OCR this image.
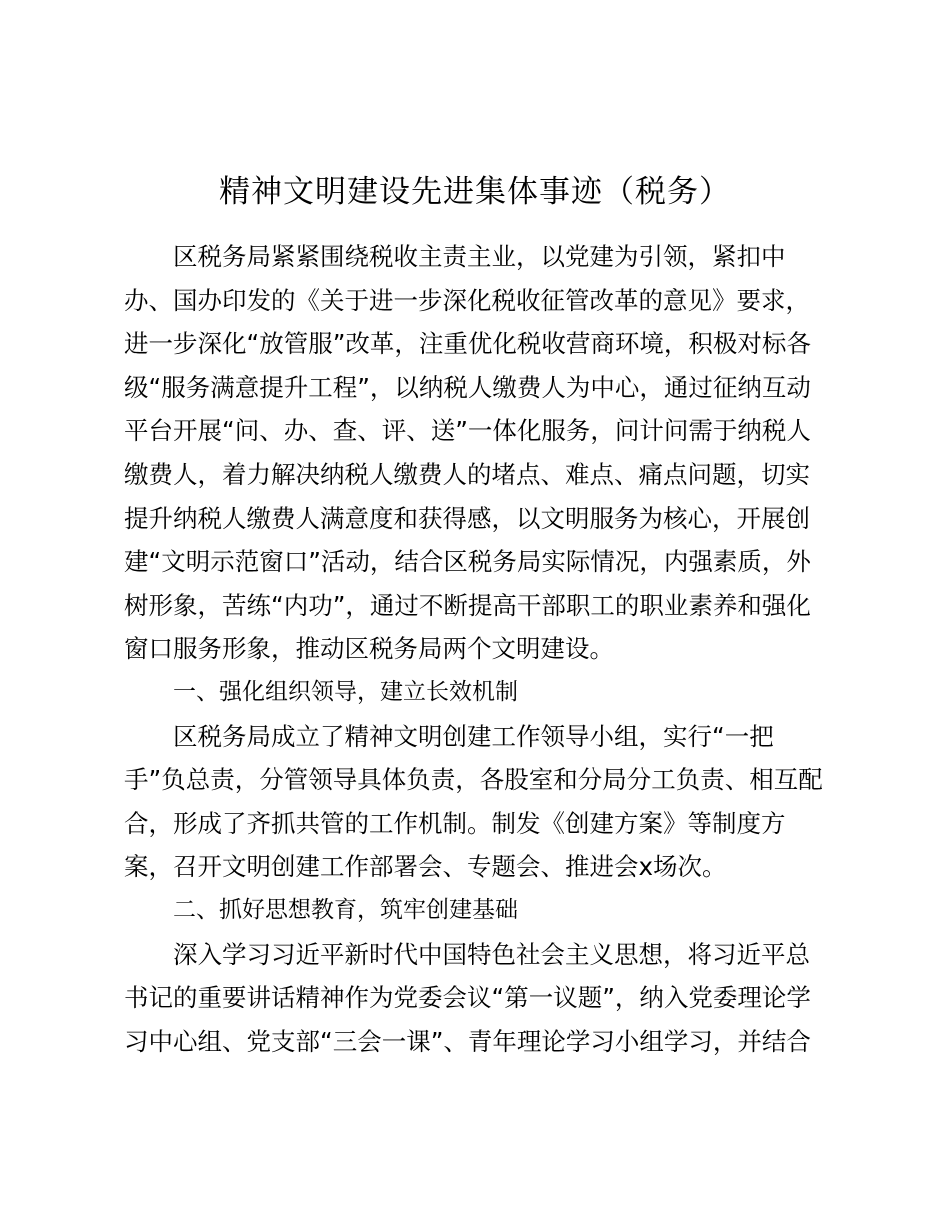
精神文明建设先进集体事迹（税务）
区税务局紧紧围绕税收主责主业，以党建为引领，紧扣中
办、国办印发的《关于进一步深化税收征管改革的意见》要求，
进一步深化“放管服”改革，注重优化税收营商环境，积极对标各
级“服务满意提升工程”，以纳税人缴费人为中心，通过征纳互动
平台开展“问、办、查、评、送”一体化服务，问计问需于纳税人
缴费人，着力解决纳税人缴费人的堵点、难点、痛点问题，切实
提升纳税人缴费人满意度和获得感，以文明服务为核心，开展创
建“文明示范窗口”活动，结合区税务局实际情况，内强素质，外
树形象，苦练“内功”，通过不断提高干部职工的职业素养和强化
窗口服务形象，推动区税务局两个文明建设。
一、强化组织领导，建立长效机制
区税务局成立了精神文明创建工作领导小组，实行“一把
手”负总责，分管领导具体负责，各股室和分局分工负责、相互配
合，形成了齐抓共管的工作机制。制发《创建方案》等制度方
案，召开文明创建工作部署会、专题会、推进会x场次。
二、抓好思想教育，筑牢创建基础
深入学习习近平新时代中国特色社会主义思想，将习近平总
书记的重要讲话精神作为党委会议“第一议题”，纳入党委理论学
习中心组、党支部“三会一课”、青年理论学习小组学习，并结合
